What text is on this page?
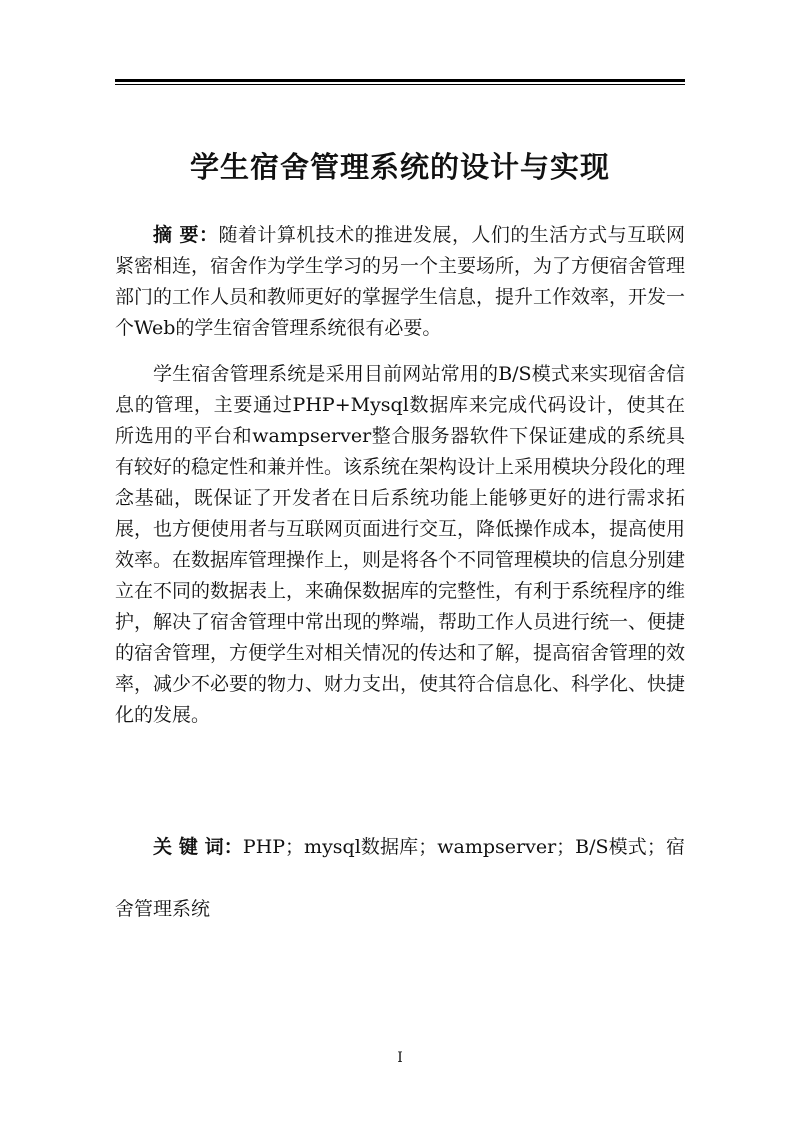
学生宿舍管理系统的设计与实现

摘 要：随着计算机技术的推进发展，人们的生活方式与互联网紧密相连，宿舍作为学生学习的另一个主要场所，为了方便宿舍管理部门的工作人员和教师更好的掌握学生信息，提升工作效率，开发一个Web的学生宿舍管理系统很有必要。

学生宿舍管理系统是采用目前网站常用的B/S模式来实现宿舍信息的管理，主要通过PHP+Mysql数据库来完成代码设计，使其在所选用的平台和wampserver整合服务器软件下保证建成的系统具有较好的稳定性和兼并性。该系统在架构设计上采用模块分段化的理念基础，既保证了开发者在日后系统功能上能够更好的进行需求拓展，也方便使用者与互联网页面进行交互，降低操作成本，提高使用效率。在数据库管理操作上，则是将各个不同管理模块的信息分别建立在不同的数据表上，来确保数据库的完整性，有利于系统程序的维护，解决了宿舍管理中常出现的弊端，帮助工作人员进行统一、便捷的宿舍管理，方便学生对相关情况的传达和了解，提高宿舍管理的效率，减少不必要的物力、财力支出，使其符合信息化、科学化、快捷化的发展。

关 键 词：PHP；mysql数据库；wampserver；B/S模式；宿舍管理系统

I
